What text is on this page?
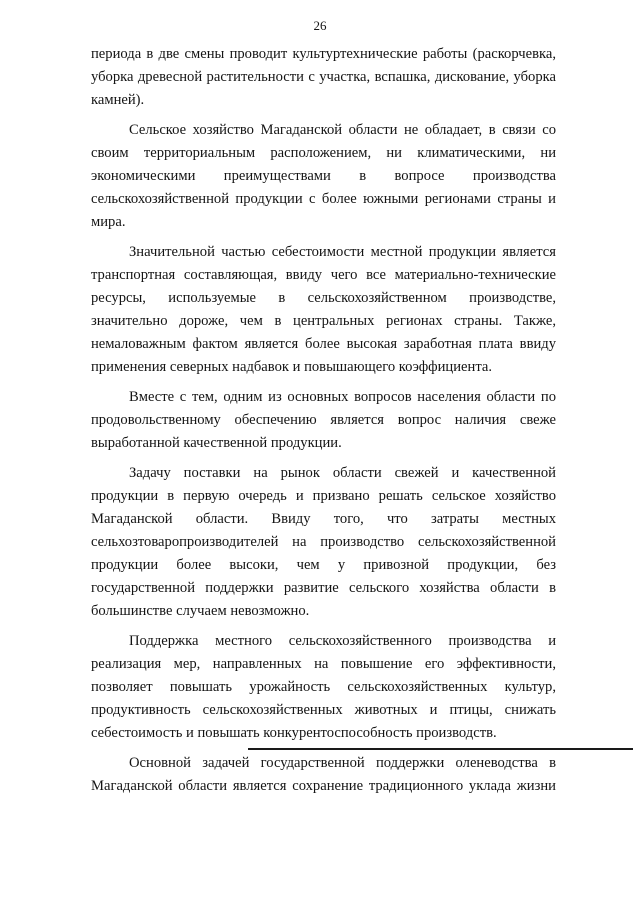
26

периода в две смены проводит культуртехнические работы (раскорчевка, уборка древесной растительности с участка, вспашка, дискование, уборка камней).

Сельское хозяйство Магаданской области не обладает, в связи со своим территориальным расположением, ни климатическими, ни экономическими преимуществами в вопросе производства сельскохозяйственной продукции с более южными регионами страны и мира.

Значительной частью себестоимости местной продукции является транспортная составляющая, ввиду чего все материально-технические ресурсы, используемые в сельскохозяйственном производстве, значительно дороже, чем в центральных регионах страны. Также, немаловажным фактом является более высокая заработная плата ввиду применения северных надбавок и повышающего коэффициента.

Вместе с тем, одним из основных вопросов населения области по продовольственному обеспечению является вопрос наличия свеже выработанной качественной продукции.

Задачу поставки на рынок области свежей и качественной продукции в первую очередь и призвано решать сельское хозяйство Магаданской области. Ввиду того, что затраты местных сельхозтоваропроизводителей на производство сельскохозяйственной продукции более высоки, чем у привозной продукции, без государственной поддержки развитие сельского хозяйства области в большинстве случаем невозможно.

Поддержка местного сельскохозяйственного производства и реализация мер, направленных на повышение его эффективности, позволяет повышать урожайность сельскохозяйственных культур, продуктивность сельскохозяйственных животных и птицы, снижать себестоимость и повышать конкурентоспособность производств.

Основной задачей государственной поддержки оленеводства в Магаданской области является сохранение традиционного уклада жизни
